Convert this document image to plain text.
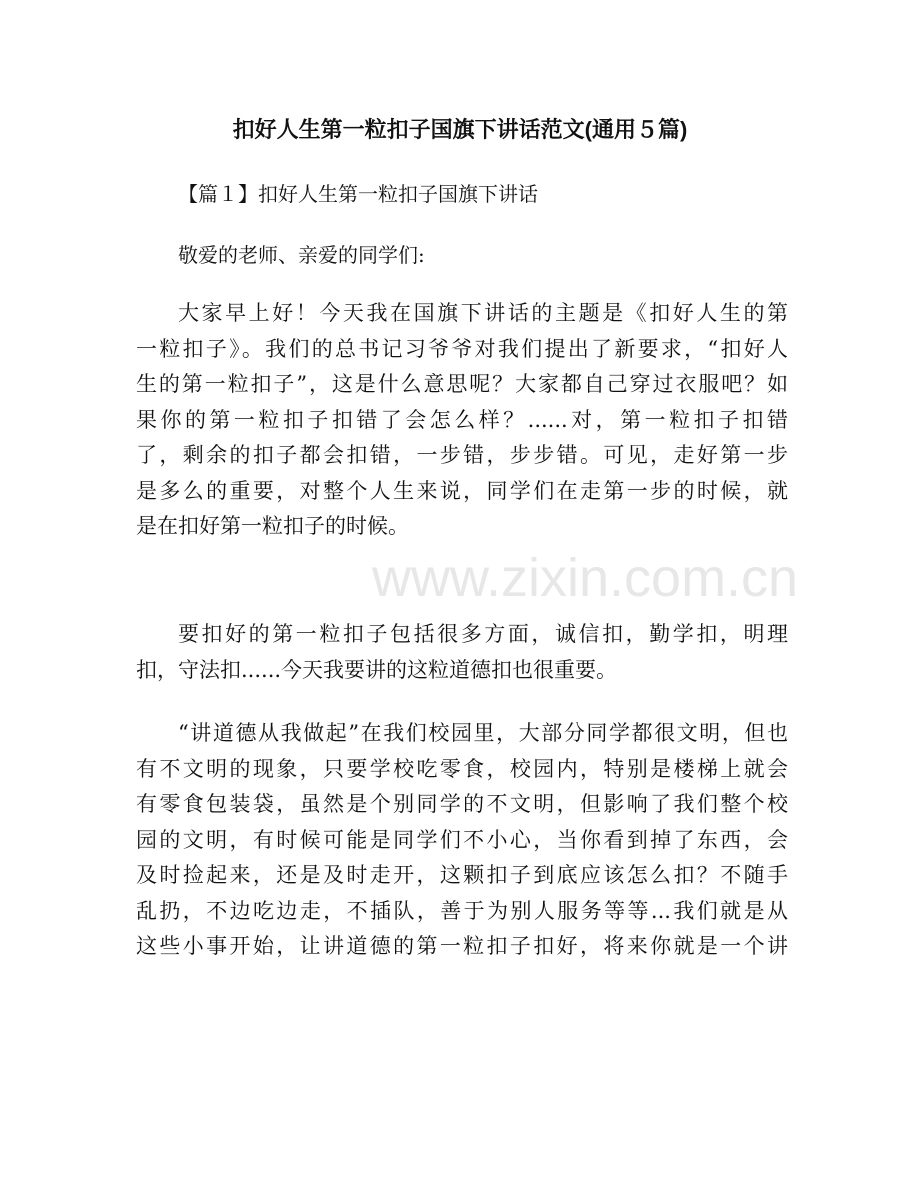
扣好人生第一粒扣子国旗下讲话范文(通用５篇)
【篇１】扣好人生第一粒扣子国旗下讲话
敬爱的老师、亲爱的同学们:
大家早上好！今天我在国旗下讲话的主题是《扣好人生的第
一粒扣子》。我们的总书记习爷爷对我们提出了新要求，“扣好人
生的第一粒扣子”，这是什么意思呢？大家都自己穿过衣服吧？如
果你的第一粒扣子扣错了会怎么样？......对，第一粒扣子扣错
了，剩余的扣子都会扣错，一步错，步步错。可见，走好第一步
是多么的重要，对整个人生来说，同学们在走第一步的时候，就
是在扣好第一粒扣子的时候。
要扣好的第一粒扣子包括很多方面，诚信扣，勤学扣，明理
扣，守法扣......今天我要讲的这粒道德扣也很重要。
“讲道德从我做起”在我们校园里，大部分同学都很文明，但也
有不文明的现象，只要学校吃零食，校园内，特别是楼梯上就会
有零食包装袋，虽然是个别同学的不文明，但影响了我们整个校
园的文明，有时候可能是同学们不小心，当你看到掉了东西，会
及时捡起来，还是及时走开，这颗扣子到底应该怎么扣？不随手
乱扔，不边吃边走，不插队，善于为别人服务等等...我们就是从
这些小事开始，让讲道德的第一粒扣子扣好，将来你就是一个讲
www.zixin.com.cn
